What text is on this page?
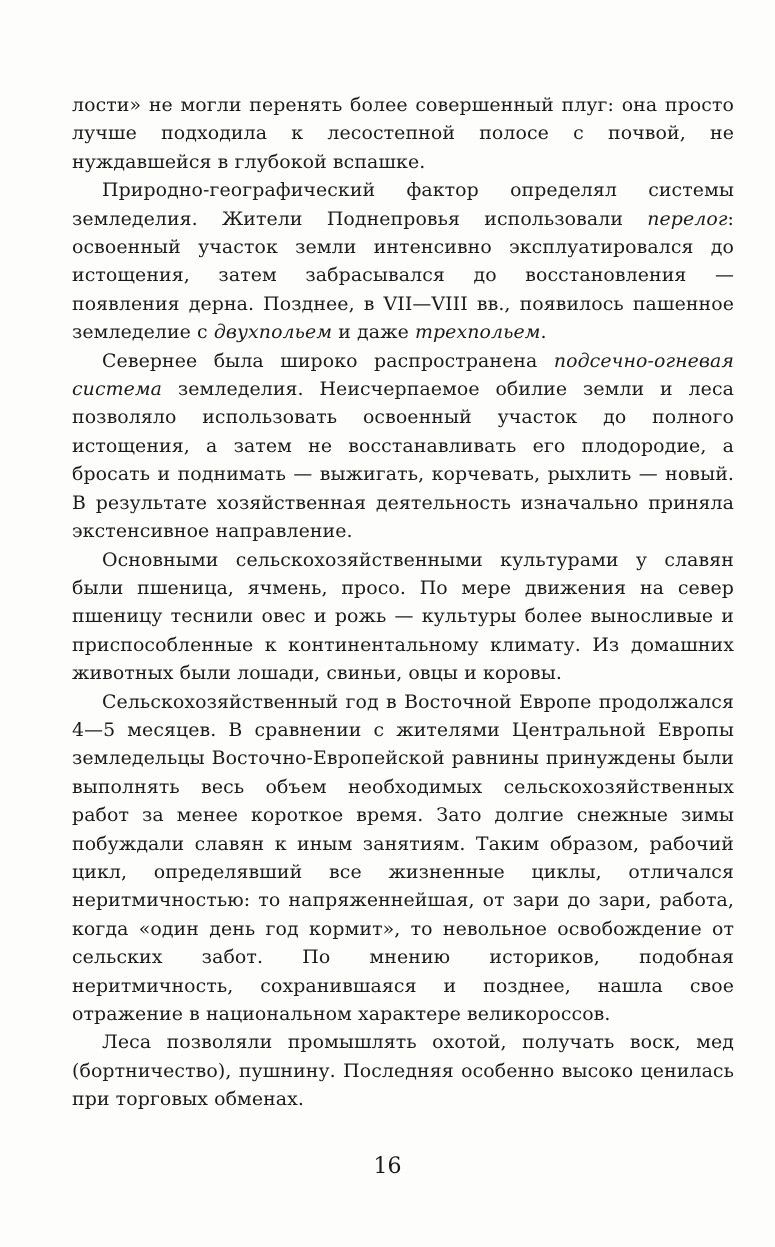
лости» не могли перенять более совершенный плуг: она просто лучше подходила к лесостепной полосе с почвой, не нуждавшейся в глубокой вспашке.

Природно-географический фактор определял системы земледелия. Жители Поднепровья использовали перелог: освоенный участок земли интенсивно эксплуатировался до истощения, затем забрасывался до восстановления — появления дерна. Позднее, в VII—VIII вв., появилось пашенное земледелие с двухпольем и даже трехпольем.

Севернее была широко распространена подсечно-огневая система земледелия. Неисчерпаемое обилие земли и леса позволяло использовать освоенный участок до полного истощения, а затем не восстанавливать его плодородие, а бросать и поднимать — выжигать, корчевать, рыхлить — новый. В результате хозяйственная деятельность изначально приняла экстенсивное направление.

Основными сельскохозяйственными культурами у славян были пшеница, ячмень, просо. По мере движения на север пшеницу теснили овес и рожь — культуры более выносливые и приспособленные к континентальному климату. Из домашних животных были лошади, свиньи, овцы и коровы.

Сельскохозяйственный год в Восточной Европе продолжался 4—5 месяцев. В сравнении с жителями Центральной Европы земледельцы Восточно-Европейской равнины принуждены были выполнять весь объем необходимых сельскохозяйственных работ за менее короткое время. Зато долгие снежные зимы побуждали славян к иным занятиям. Таким образом, рабочий цикл, определявший все жизненные циклы, отличался неритмичностью: то напряженнейшая, от зари до зари, работа, когда «один день год кормит», то невольное освобождение от сельских забот. По мнению историков, подобная неритмичность, сохранившаяся и позднее, нашла свое отражение в национальном характере великороссов.

Леса позволяли промышлять охотой, получать воск, мед (бортничество), пушнину. Последняя особенно высоко ценилась при торговых обменах.

16
